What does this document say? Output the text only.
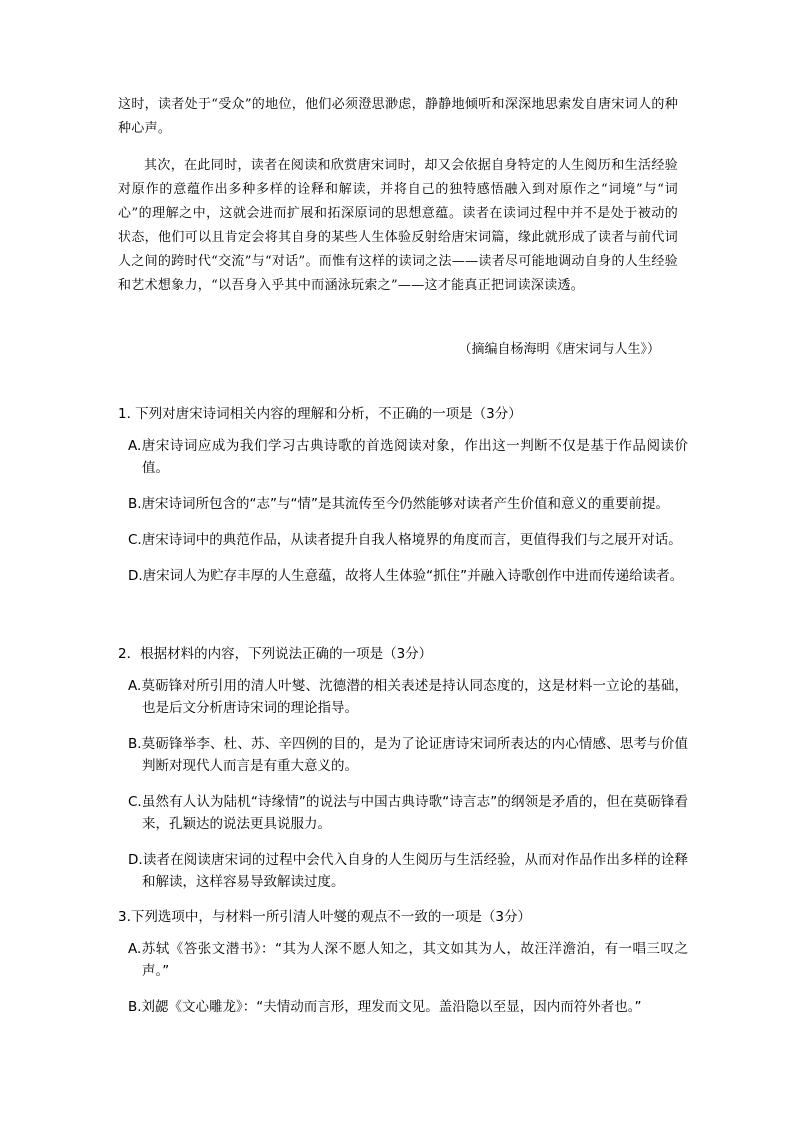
这时，读者处于“受众”的地位，他们必须澄思渺虑，静静地倾听和深深地思索发自唐宋词人的种种心声。

其次，在此同时，读者在阅读和欣赏唐宋词时，却又会依据自身特定的人生阅历和生活经验对原作的意蕴作出多种多样的诠释和解读，并将自己的独特感悟融入到对原作之“词境”与“词心”的理解之中，这就会进而扩展和拓深原词的思想意蕴。读者在读词过程中并不是处于被动的状态，他们可以且肯定会将其自身的某些人生体验反射给唐宋词篇，缘此就形成了读者与前代词人之间的跨时代“交流”与“对话”。而惟有这样的读词之法——读者尽可能地调动自身的人生经验和艺术想象力，“以吾身入乎其中而涵泳玩索之”——这才能真正把词读深读透。

（摘编自杨海明《唐宋词与人生》）

1. 下列对唐宋诗词相关内容的理解和分析，不正确的一项是（3分）

A.唐宋诗词应成为我们学习古典诗歌的首选阅读对象，作出这一判断不仅是基于作品阅读价值。

B.唐宋诗词所包含的“志”与“情”是其流传至今仍然能够对读者产生价值和意义的重要前提。

C.唐宋诗词中的典范作品，从读者提升自我人格境界的角度而言，更值得我们与之展开对话。

D.唐宋词人为贮存丰厚的人生意蕴，故将人生体验“抓住”并融入诗歌创作中进而传递给读者。

2．根据材料的内容，下列说法正确的一项是（3分）

A.莫砺锋对所引用的清人叶燮、沈德潜的相关表述是持认同态度的，这是材料一立论的基础，也是后文分析唐诗宋词的理论指导。

B.莫砺锋举李、杜、苏、辛四例的目的，是为了论证唐诗宋词所表达的内心情感、思考与价值判断对现代人而言是有重大意义的。

C.虽然有人认为陆机“诗缘情”的说法与中国古典诗歌“诗言志”的纲领是矛盾的，但在莫砺锋看来，孔颖达的说法更具说服力。

D.读者在阅读唐宋词的过程中会代入自身的人生阅历与生活经验，从而对作品作出多样的诠释和解读，这样容易导致解读过度。

3.下列选项中，与材料一所引清人叶燮的观点不一致的一项是（3分）

A.苏轼《答张文潜书》：“其为人深不愿人知之，其文如其为人，故汪洋澹泊，有一唱三叹之声。”

B.刘勰《文心雕龙》：“夫情动而言形，理发而文见。盖沿隐以至显，因内而符外者也。”
